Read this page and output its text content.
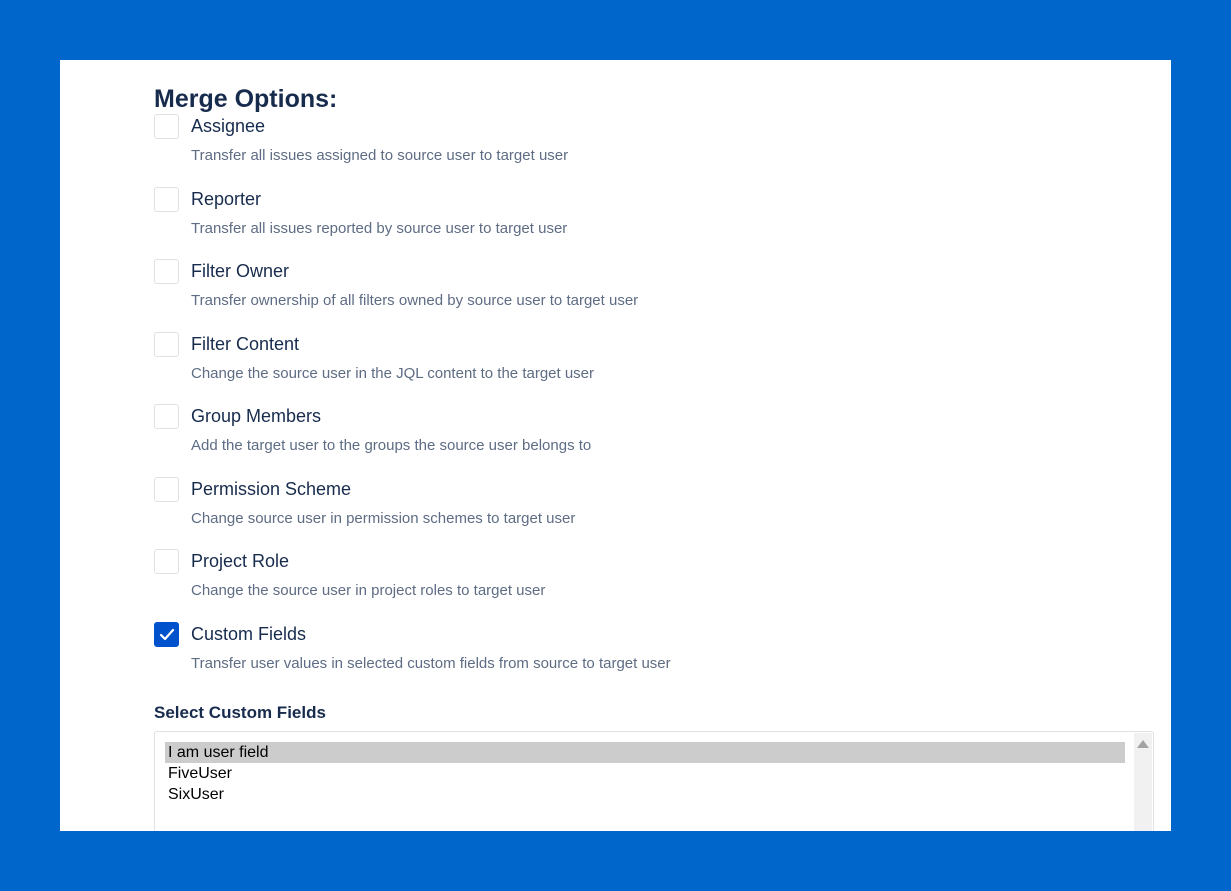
Merge Options:
Assignee
Transfer all issues assigned to source user to target user
Reporter
Transfer all issues reported by source user to target user
Filter Owner
Transfer ownership of all filters owned by source user to target user
Filter Content
Change the source user in the JQL content to the target user
Group Members
Add the target user to the groups the source user belongs to
Permission Scheme
Change source user in permission schemes to target user
Project Role
Change the source user in project roles to target user
Custom Fields
Transfer user values in selected custom fields from source to target user
Select Custom Fields
I am user field
FiveUser
SixUser
